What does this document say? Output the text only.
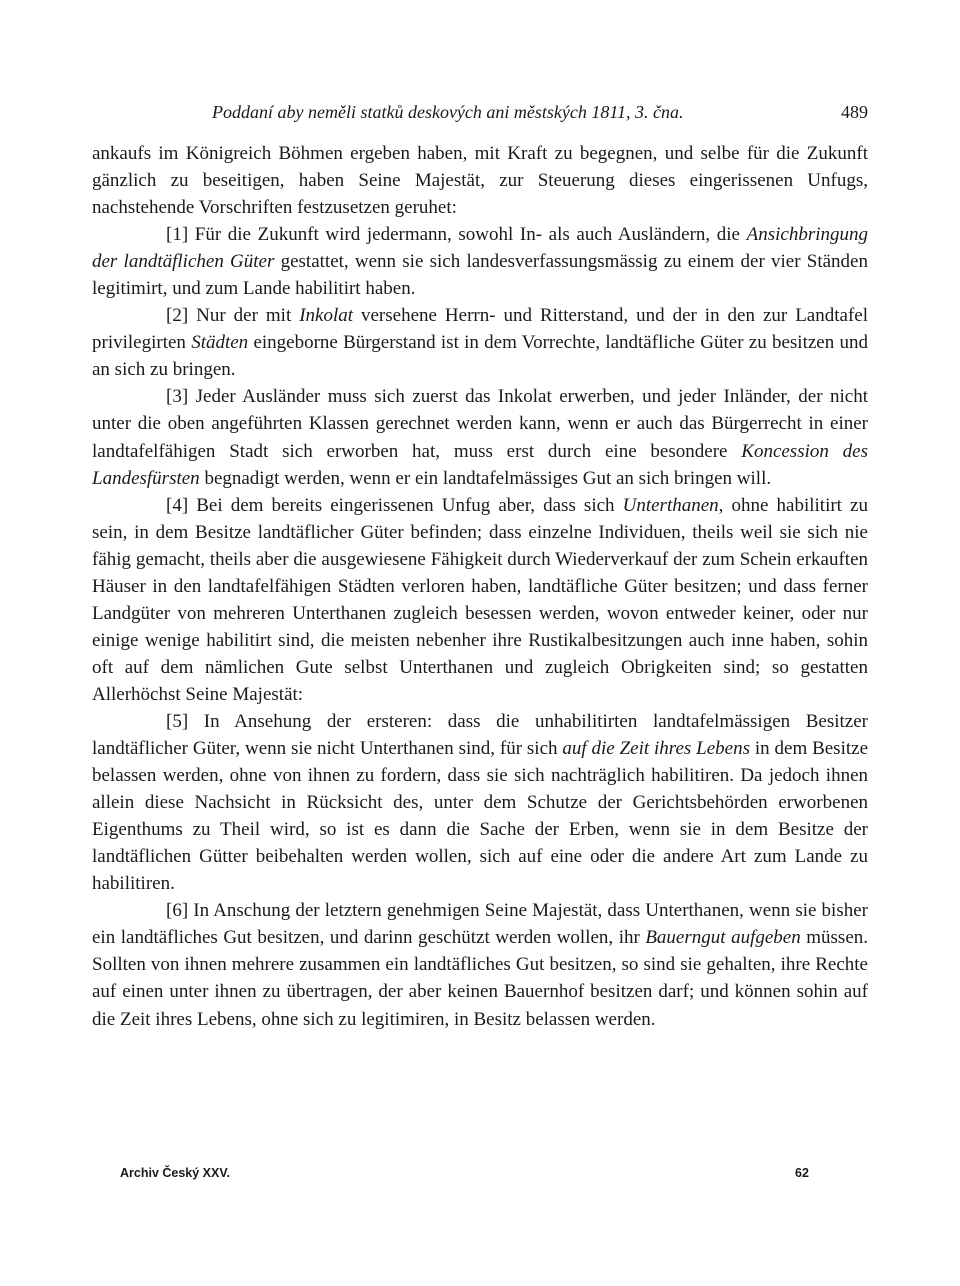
Poddaní aby neměli statků deskových ani městských 1811, 3. čna.	489

ankaufs im Königreich Böhmen ergeben haben, mit Kraft zu begegnen, und selbe für die Zukunft gänzlich zu beseitigen, haben Seine Majestät, zur Steuerung dieses eingerissenen Unfugs, nachstehende Vorschriften festzusetzen geruhet:

[1] Für die Zukunft wird jedermann, sowohl In- als auch Ausländern, die Ansichbringung der landtäflichen Güter gestattet, wenn sie sich landesverfassungsmässig zu einem der vier Ständen legitimirt, und zum Lande habilitirt haben.

[2] Nur der mit Inkolat versehene Herrn- und Ritterstand, und der in den zur Landtafel privilegirten Städten eingeborne Bürgerstand ist in dem Vorrechte, landtäfliche Güter zu besitzen und an sich zu bringen.

[3] Jeder Ausländer muss sich zuerst das Inkolat erwerben, und jeder Inländer, der nicht unter die oben angeführten Klassen gerechnet werden kann, wenn er auch das Bürgerrecht in einer landtafelfähigen Stadt sich erworben hat, muss erst durch eine besondere Koncession des Landesfürsten begnadigt werden, wenn er ein landtafelmässiges Gut an sich bringen will.

[4] Bei dem bereits eingerissenen Unfug aber, dass sich Unterthanen, ohne habilitirt zu sein, in dem Besitze landtäflicher Güter befinden; dass einzelne Individuen, theils weil sie sich nie fähig gemacht, theils aber die ausgewiesene Fähigkeit durch Wiederverkauf der zum Schein erkauften Häuser in den landtafelfähigen Städten verloren haben, landtäfliche Güter besitzen; und dass ferner Landgüter von mehreren Unterthanen zugleich besessen werden, wovon entweder keiner, oder nur einige wenige habilitirt sind, die meisten nebenher ihre Rustikalbesitzungen auch inne haben, sohin oft auf dem nämlichen Gute selbst Unterthanen und zugleich Obrigkeiten sind; so gestatten Allerhöchst Seine Majestät:

[5] In Ansehung der ersteren: dass die unhabilitirten landtafelmässigen Besitzer landtäflicher Güter, wenn sie nicht Unterthanen sind, für sich auf die Zeit ihres Lebens in dem Besitze belassen werden, ohne von ihnen zu fordern, dass sie sich nachträglich habilitiren. Da jedoch ihnen allein diese Nachsicht in Rücksicht des, unter dem Schutze der Gerichtsbehörden erworbenen Eigenthums zu Theil wird, so ist es dann die Sache der Erben, wenn sie in dem Besitze der landtäflichen Gütter beibehalten werden wollen, sich auf eine oder die andere Art zum Lande zu habilitiren.

[6] In Anschung der letztern genehmigen Seine Majestät, dass Unterthanen, wenn sie bisher ein landtäfliches Gut besitzen, und darinn geschützt werden wollen, ihr Bauerngut aufgeben müssen. Sollten von ihnen mehrere zusammen ein landtäfliches Gut besitzen, so sind sie gehalten, ihre Rechte auf einen unter ihnen zu übertragen, der aber keinen Bauernhof besitzen darf; und können sohin auf die Zeit ihres Lebens, ohne sich zu legitimiren, in Besitz belassen werden.

Archiv Český XXV.	62
